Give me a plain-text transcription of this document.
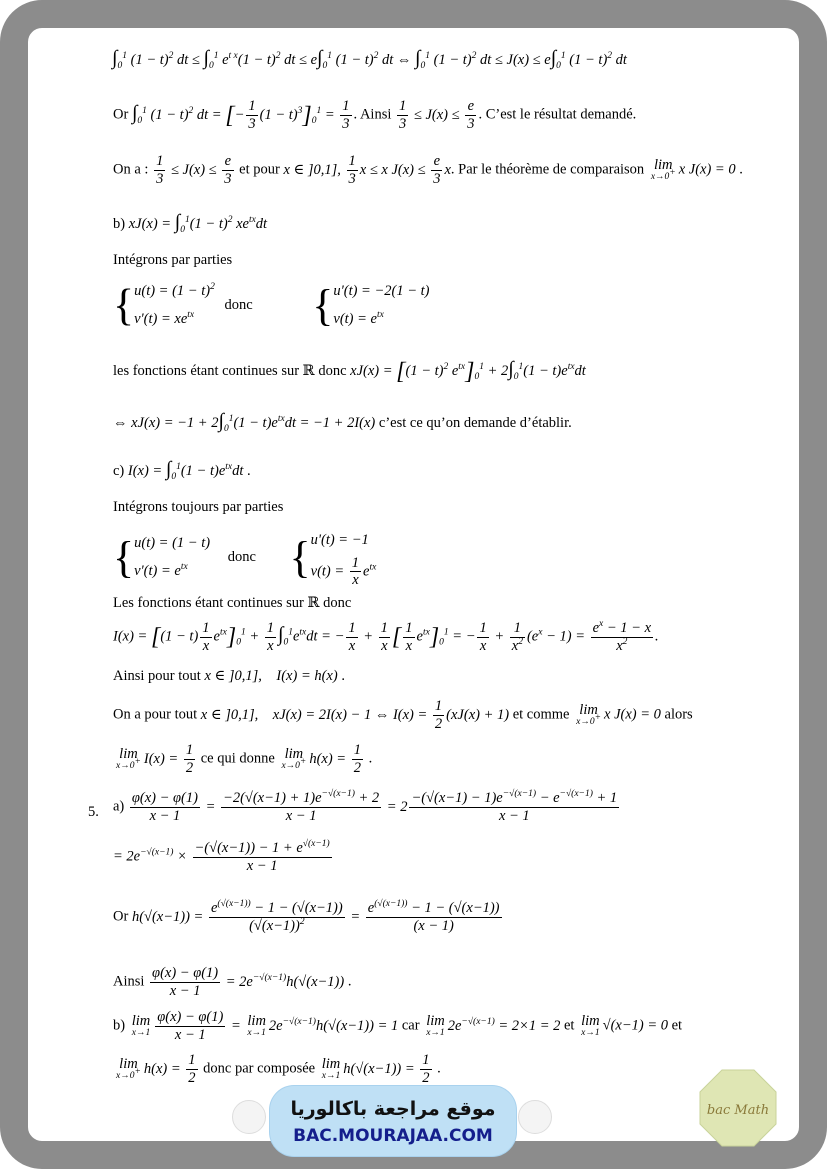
$\int_0^1$ $(1 - t)^2$ dt ≤ $\int_0^1$ $e^{t x}(1 - t)^2$ dt ≤ $e\int_0^1$ $(1 - t)^2$ dt ⇔ $\int_0^1$ $(1 - t)^2$ dt ≤ $J(x) \le e\int_0^1$ $(1 - t)^2$ dt
Or $\int_0^1$ $(1 - t)^2$ dt = [− $\frac{1}{3} (1 - t)^3]_0^1 = \frac{1}{3}$ . Ainsi $\frac{1}{3} \le J(x) \le \frac{e}{3}$ . C’est le résultat demandé.
On a : $\frac{1}{3} \le J(x) \le \frac{e}{3}$ et pour x ∈ ]0,1], $\frac{1}{3}$ x ≤ x $J(x) \le \frac{e}{3} x$. Par le théorème de comparaison lim
x→0+ x J(x) = 0 .
b) $xJ(x) = \int_0^1(1 - t)^2$ $xe^{tx}dt$
Intégrons par parties
{$u(t) = (1 - t)^2$
$v'(t) = xe^{tx}$ donc {u'(t) = −2(1 − t)
$v(t) = e^{tx}$
les fonctions étant continues sur ℝ donc $xJ(x) = [(1 - t)^2$ $e^{tx}]_0^1 + 2\int_0^1(1 - t)e^{tx}dt$
⇔ $xJ(x) = -1 + 2\int_0^1(1 - t)e^{tx}dt = -1 + 2I(x)$ c’est ce qu’on demande d’établir.
c) $I(x) = \int_0^1(1 - t)e^{tx}dt$ .
Intégrons toujours par parties
{u(t) = (1 − t)
$v'(t) = e^{tx}$ donc {u'(t) = −1
$v(t) = \frac{1}{x} e^{tx}$
Les fonctions étant continues sur ℝ donc
$I(x) = [(1 - t) \frac{1}{x} e^{tx}]_0^1 + \frac{1}{x} \int_0^1e^{tx}dt$ = − $\frac{1}{x} + \frac{1}{x}$ [ $\frac{1}{x} e^{tx}]_0^1$ = − $\frac{1}{x} + \frac{1}{x^2} (e^x - 1) = \frac{e^x - 1 - x}{x^2}$ .
Ainsi pour tout x ∈ ]0,1],    I(x) = h(x) .
On a pour tout x ∈ ]0,1],    xJ(x) = 2I(x) − 1 ⇔ $I(x) = \frac{1}{2} (xJ(x) + 1)$ et comme lim
x→0+ x J(x) = 0 alors
lim
x→0+ $I(x) = \frac{1}{2}$ ce qui donne lim
x→0+ $h(x) = \frac{1}{2}$ .
5. $a) \frac{\varphi(x) - \varphi(1)}{x - 1} = \frac{-2(√(x-1) + 1)e^{-√(x-1)} + 2}{x - 1} = 2 \frac{-(√(x-1) - 1)e^{-√(x-1)} - e^{-√(x-1)} + 1}{x - 1}$
= $2e^{-√(x-1)} \times \frac{-(√(x-1)) - 1 + e^{√(x-1)}}{x - 1}$
Or $h(√(x-1)) = \frac{e^{(√(x-1))} - 1 - (√(x-1))}{(√(x-1))^2} = \frac{e^{(√(x-1))} - 1 - (√(x-1))}{(x - 1)}$
Ainsi $\frac{\varphi(x) - \varphi(1)}{x - 1} = 2e^{-√(x-1)}h(√(x-1))$ .
b) lim
$x\to 1 \frac{\varphi(x) - \varphi(1)}{x - 1} = \lim$
x→1 $2e^{-√(x-1)}h(√(x-1)) = 1$ car lim
x→1 $2e^{-√(x-1)} = 2\times 1 = 2$ et lim
x→1 √(x−1) = 0 et
lim
x→0+ $h(x) = \frac{1}{2}$ donc par composée lim
x→1 $h(√(x-1)) = \frac{1}{2}$ .
موقع مراجعة باكالوريا
BAC.MOURAJAA.COM
bac Math
